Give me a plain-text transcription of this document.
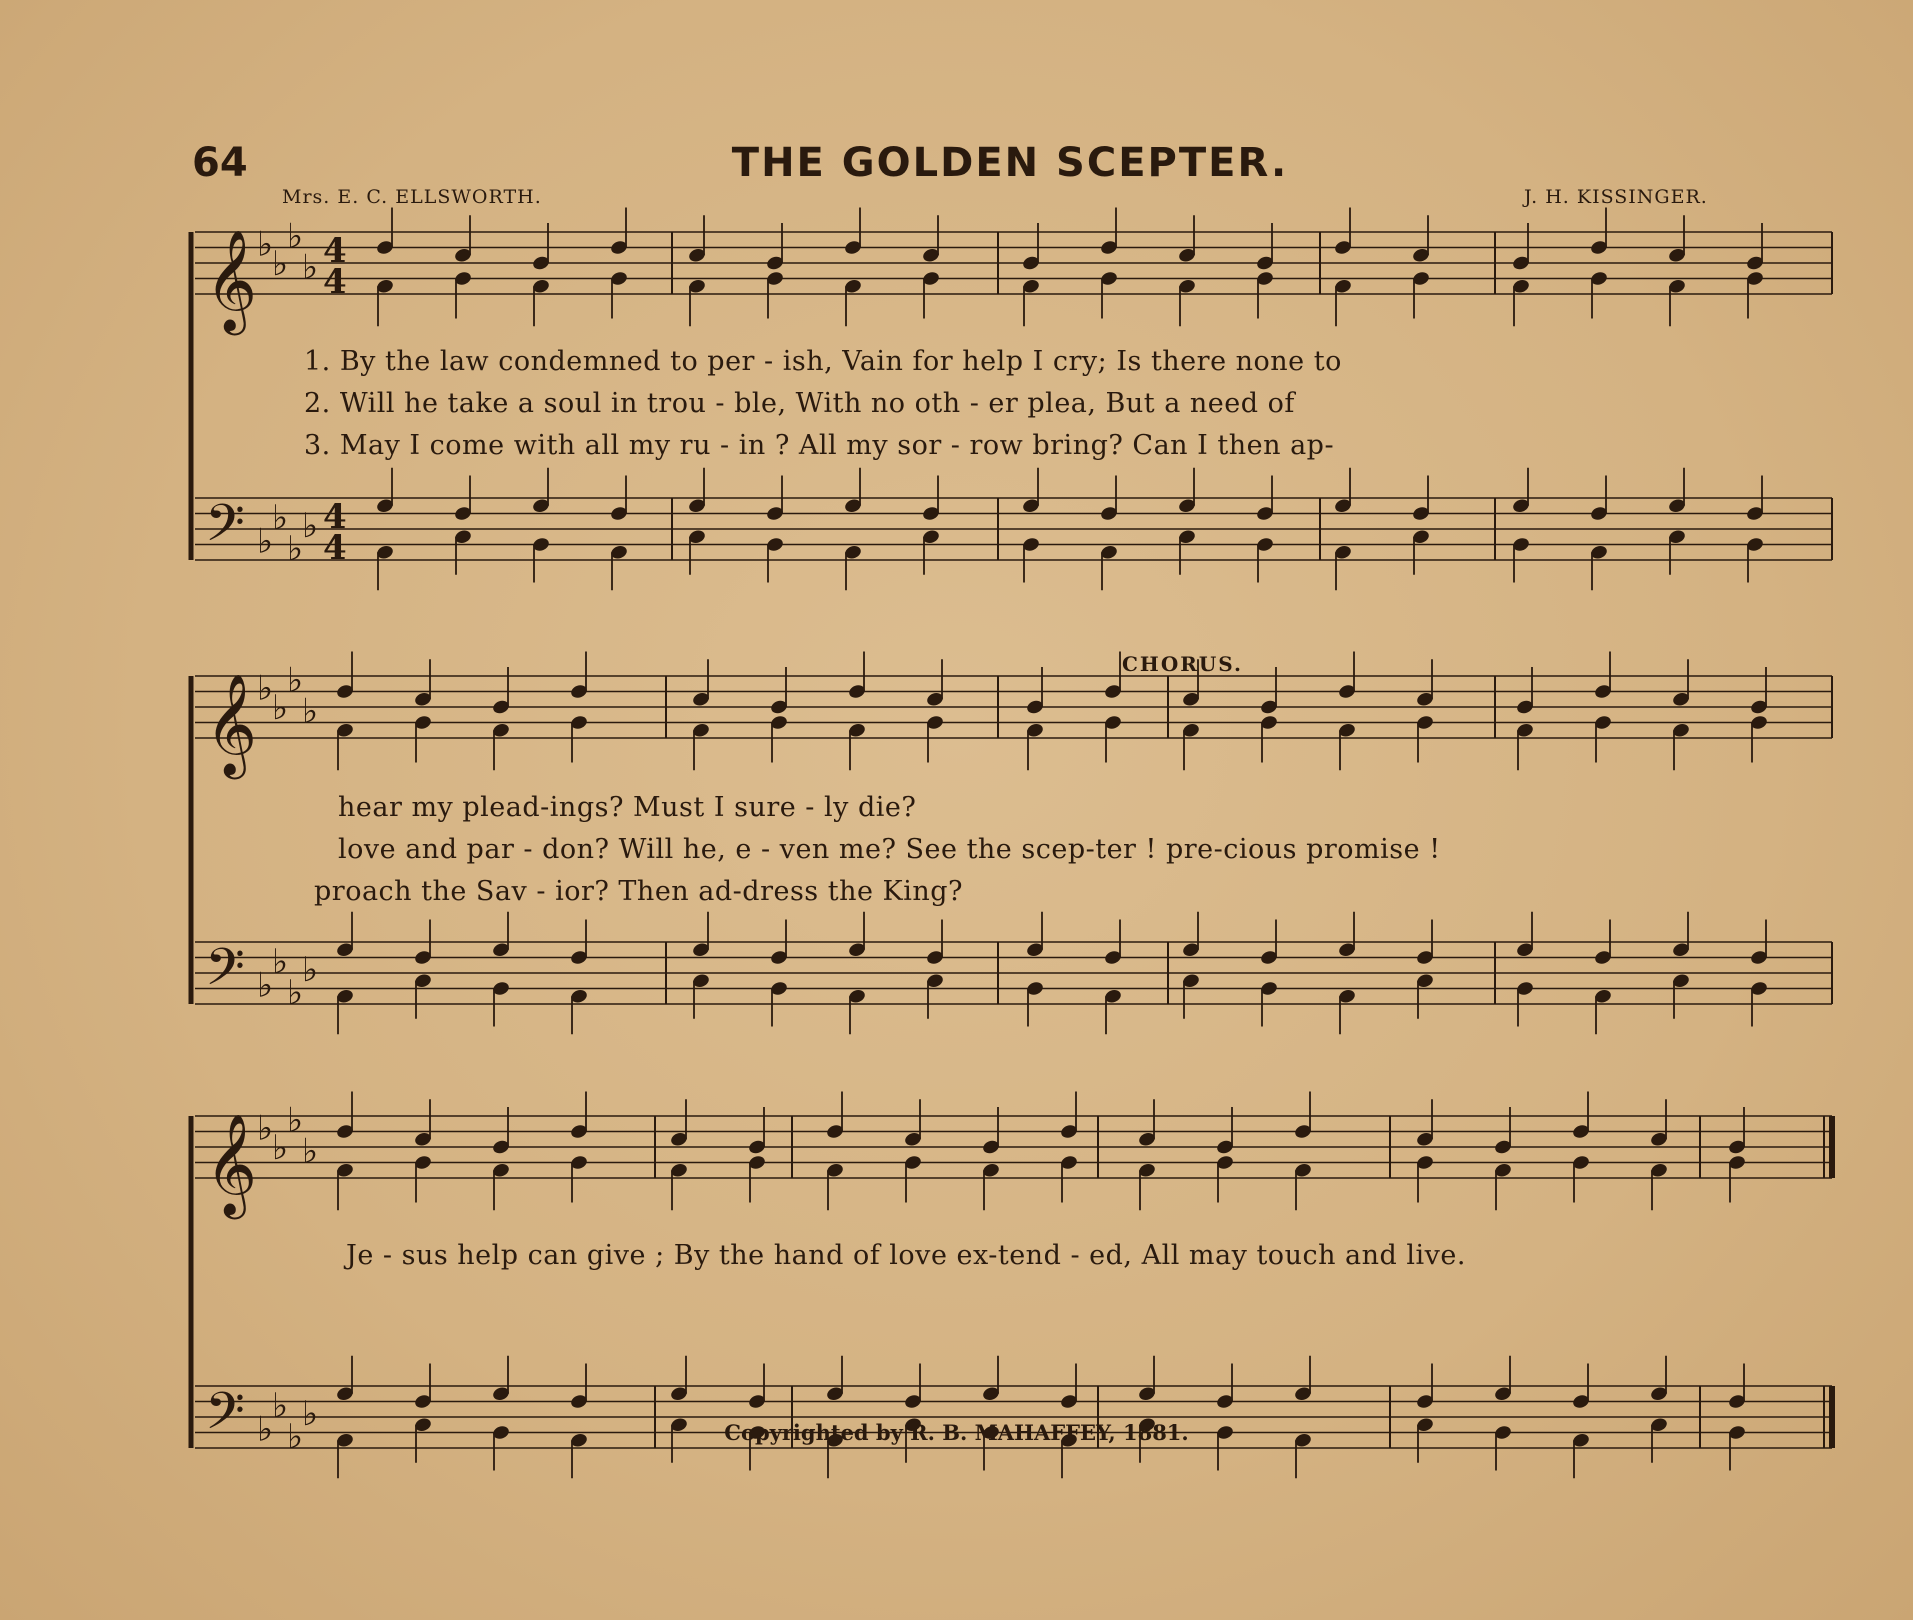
64	THE GOLDEN SCEPTER.
Mrs. E. C. ELLSWORTH.	J. H. KISSINGER.
𝄞 ♭
♭
♭
♭ 4
4
𝄢 ♭
♭
♭
♭ 4
4
𝄞 ♭
♭
♭
♭
𝄢 ♭
♭
♭
♭
𝄞 ♭
♭
♭
♭
𝄢 ♭
♭
♭
♭
1. By the law condemned to per - ish, Vain for help I cry; Is there none to
2. Will he take a soul in trou - ble, With no oth - er plea, But a need of
3. May I come with all my ru - in ? All my sor - row bring? Can I then ap-
CHORUS.
hear my plead-ings? Must I sure - ly die?
love and par - don? Will he, e - ven me? See the scep-ter ! pre-cious promise !
proach the Sav - ior? Then ad-dress the King?
Je - sus help can give ; By the hand of love ex-tend - ed, All may touch and live.
Copyrighted by R. B. MAHAFFEY, 1881.
